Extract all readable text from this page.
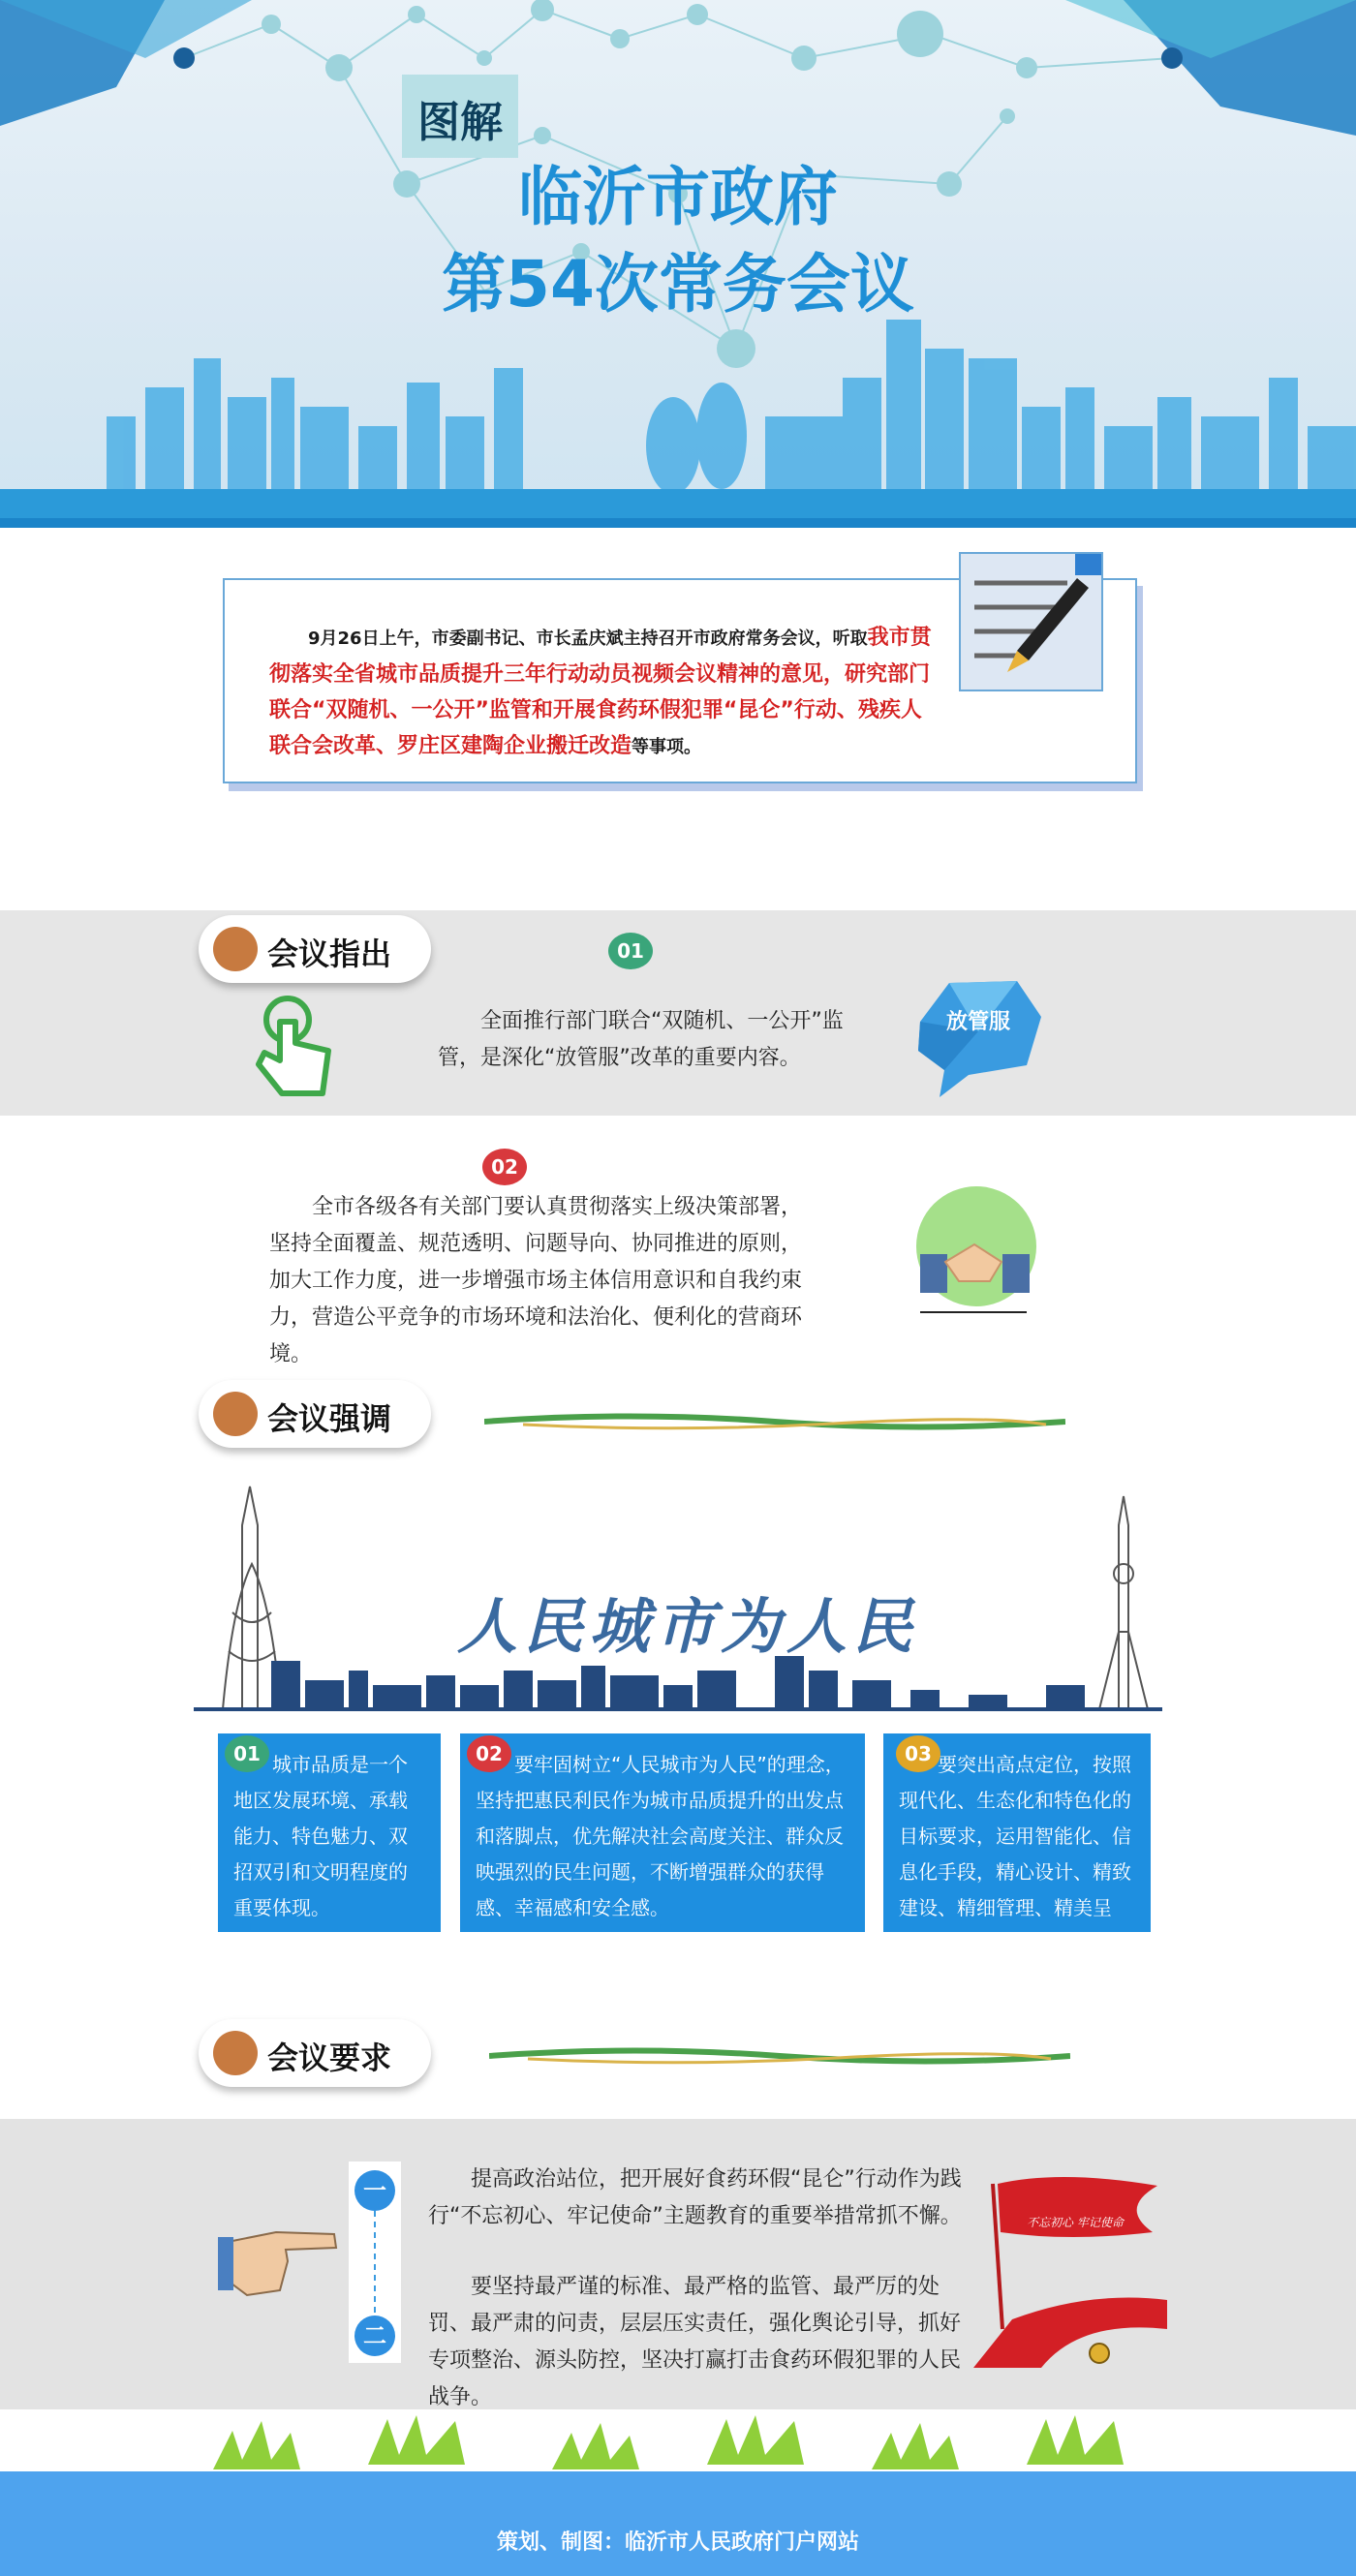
图解
临沂市政府
第54次常务会议
  9月26日上午，市委副书记、市长孟庆斌主持召开市政府常务会议，听取我市贯彻落实全省城市品质提升三年行动动员视频会议精神的意见，研究部门联合“双随机、一公开”监管和开展食药环假犯罪“昆仑”行动、残疾人联合会改革、罗庄区建陶企业搬迁改造等事项。
会议指出	01
全面推行部门联合“双随机、一公开”监管，是深化“放管服”改革的重要内容。
放管服
02
全市各级各有关部门要认真贯彻落实上级决策部署，坚持全面覆盖、规范透明、问题导向、协同推进的原则，加大工作力度，进一步增强市场主体信用意识和自我约束力，营造公平竞争的市场环境和法治化、便利化的营商环境。
会议强调
人民城市为人民
城市品质是一个地区发展环境、承载能力、特色魅力、双招双引和文明程度的重要体现。
01	要牢固树立“人民城市为人民”的理念，坚持把惠民利民作为城市品质提升的出发点和落脚点，优先解决社会高度关注、群众反映强烈的民生问题，不断增强群众的获得感、幸福感和安全感。
02	要突出高点定位，按照现代化、生态化和特色化的目标要求，运用智能化、信息化手段，精心设计、精致建设、精细管理、精美呈现，全面提升大美新临沂城市品质。
03
会议要求
一
二
提高政治站位，把开展好食药环假“昆仑”行动作为践行“不忘初心、牢记使命”主题教育的重要举措常抓不懈。
要坚持最严谨的标准、最严格的监管、最严厉的处罚、最严肃的问责，层层压实责任，强化舆论引导，抓好专项整治、源头防控，坚决打赢打击食药环假犯罪的人民战争。
不忘初心 牢记使命
策划、制图：临沂市人民政府门户网站
